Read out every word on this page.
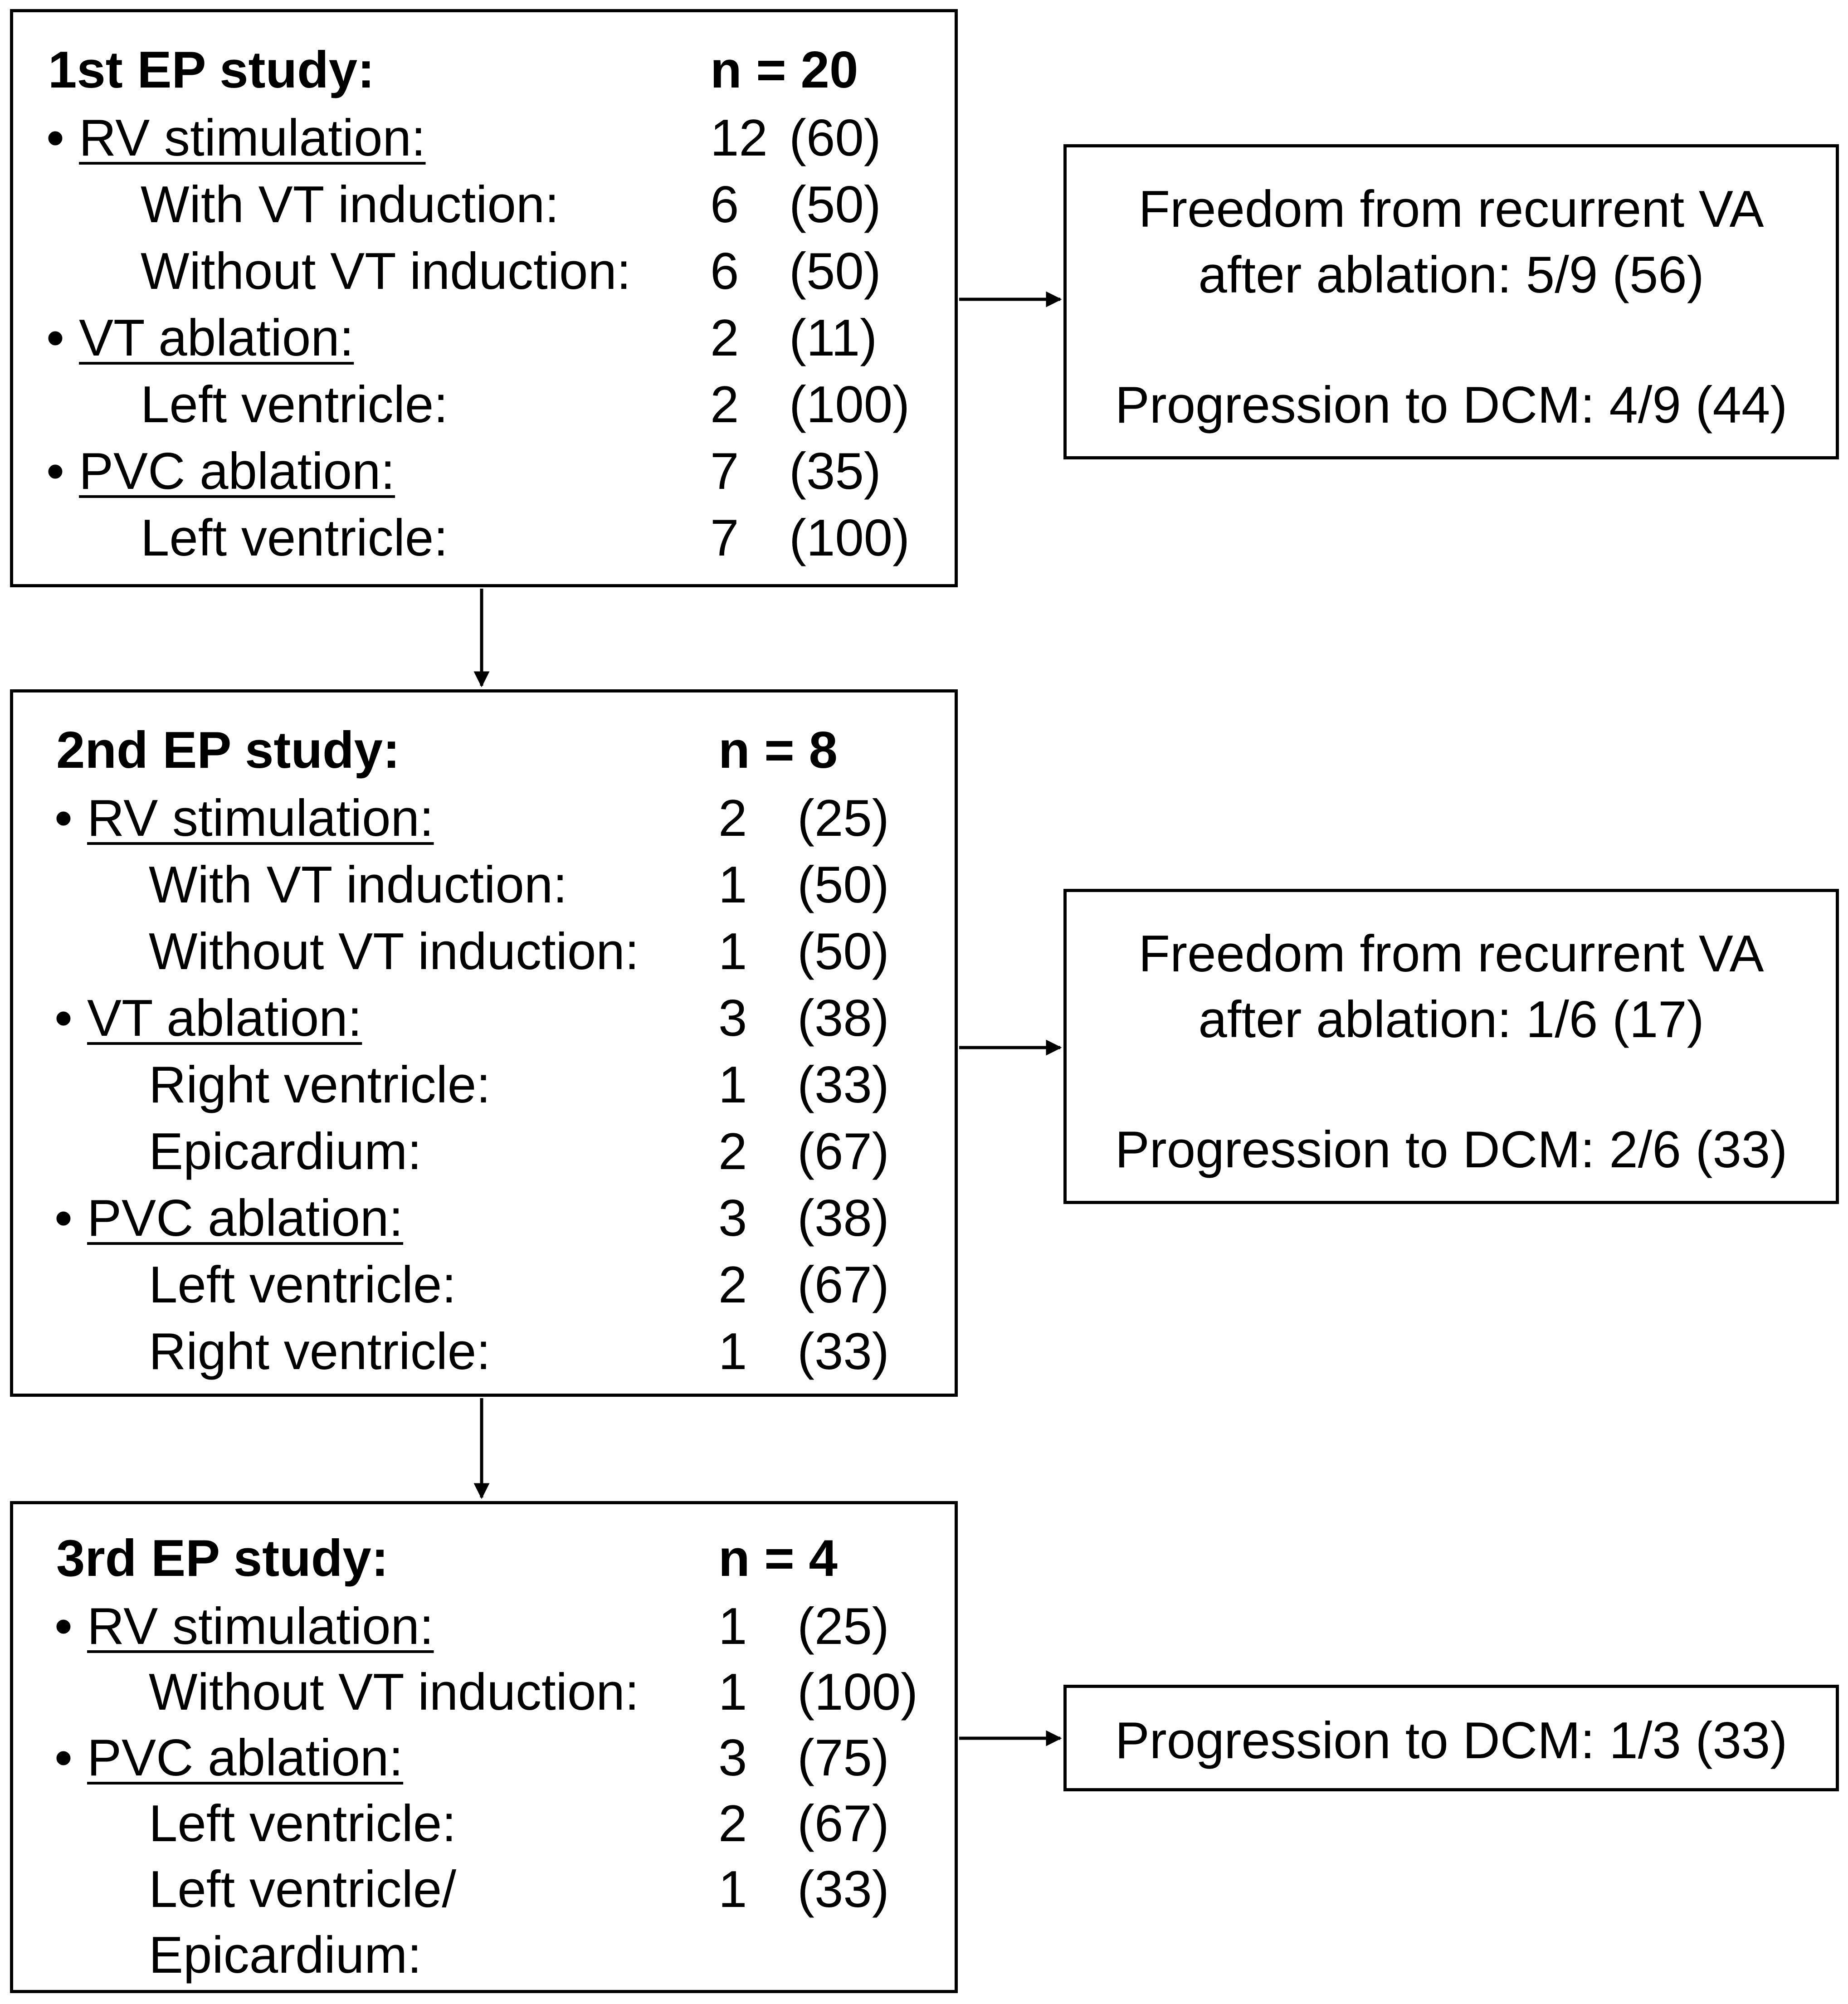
1st EP study:	n = 20
• RV stimulation:	12 (60)
With VT induction:	6 (50)
Without VT induction: 6 (50)
• VT ablation:	2 (11)
Left ventricle:	2 (100)
• PVC ablation:	7 (35)
Left ventricle:	7 (100)
2nd EP study:	n = 8
• RV stimulation:	2 (25)
With VT induction:	1 (50)
Without VT induction: 1 (50)
• VT ablation:	3 (38)
Right ventricle:	1 (33)
Epicardium:	2 (67)
• PVC ablation:	3 (38)
Left ventricle:	2 (67)
Right ventricle:	1 (33)
3rd EP study:	n = 4
• RV stimulation:	1 (25)
Without VT induction: 1 (100)
• PVC ablation:	3 (75)
Left ventricle:	2 (67)
Left ventricle/	1 (33)
Epicardium:
Freedom from recurrent VA
after ablation: 5/9 (56)
Progression to DCM: 4/9 (44)
Freedom from recurrent VA
after ablation: 1/6 (17)
Progression to DCM: 2/6 (33)
Progression to DCM: 1/3 (33)
